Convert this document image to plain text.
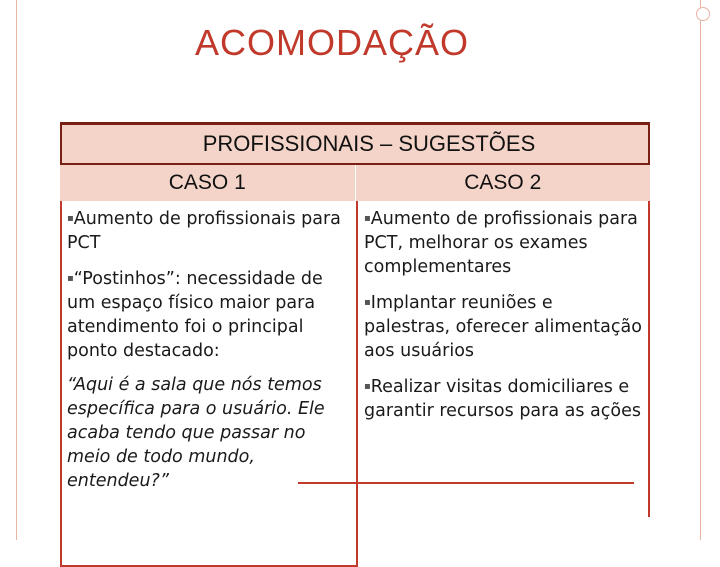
ACOMODAÇÃO
PROFISSIONAIS – SUGESTÕES
CASO 1	CASO 2

▪Aumento de profissionais para PCT

▪“Postinhos”: necessidade de um espaço físico maior para atendimento foi o principal ponto destacado:

“Aqui é a sala que nós temos específica para o usuário. Ele acaba tendo que passar no meio de todo mundo, entendeu?”

▪Aumento de profissionais para PCT, melhorar os exames complementares

▪Implantar reuniões e palestras, oferecer alimentação aos usuários

▪Realizar visitas domiciliares e garantir recursos para as ações
